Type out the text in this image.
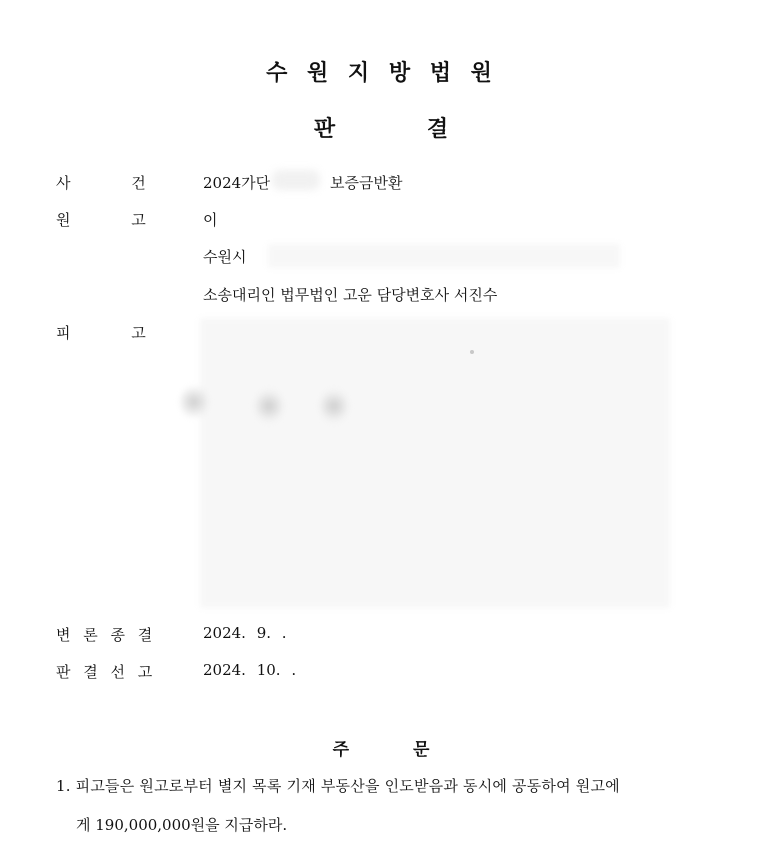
수 원 지 방 법 원
판 결
사 건	2024가단	보증금반환
원 고	이
수원시
소송대리인 법무법인 고운 담당변호사 서진수
피 고
변 론 종 결	2024. 9. .
판 결 선 고	2024. 10. .
주 문
1. 피고들은 원고로부터 별지 목록 기재 부동산을 인도받음과 동시에 공동하여 원고에
게 190,000,000원을 지급하라.
